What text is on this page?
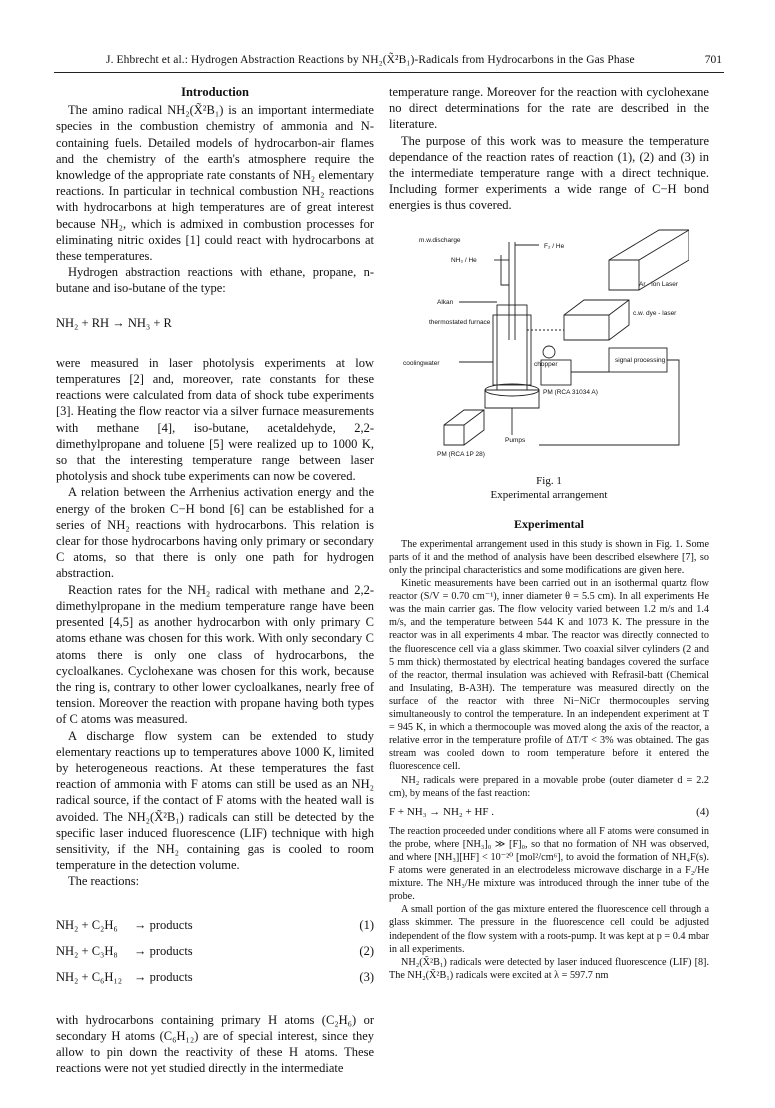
J. Ehbrecht et al.: Hydrogen Abstraction Reactions by NH₂(X̃²B₁)-Radicals from Hydrocarbons in the Gas Phase	701
Introduction

The amino radical NH₂(X̃²B₁) is an important intermediate species in the combustion chemistry of ammonia and N-containing fuels. Detailed models of hydrocarbon-air flames and the chemistry of the earth's atmosphere require the knowledge of the appropriate rate constants of NH₂ elementary reactions. In particular in technical combustion NH₂ reactions with hydrocarbons at high temperatures are of great interest because NH₂, which is admixed in combustion processes for eliminating nitric oxides [1] could react with hydrocarbons at these temperatures.

Hydrogen abstraction reactions with ethane, propane, n-butane and iso-butane of the type:

NH₂ + RH → NH₃ + R

were measured in laser photolysis experiments at low temperatures [2] and, moreover, rate constants for these reactions were calculated from data of shock tube experiments [3]. Heating the flow reactor via a silver furnace measurements with methane [4], iso-butane, acetaldehyde, 2,2-dimethylpropane and toluene [5] were realized up to 1000 K, so that the interesting temperature range between laser photolysis and shock tube experiments can now be covered.

A relation between the Arrhenius activation energy and the energy of the broken C−H bond [6] can be established for a series of NH₂ reactions with hydrocarbons. This relation is clear for those hydrocarbons having only primary or secondary C atoms, so that there is only one path for hydrogen abstraction.

Reaction rates for the NH₂ radical with methane and 2,2-dimethylpropane in the medium temperature range have been presented [4,5] as another hydrocarbon with only primary C atoms ethane was chosen for this work. With only secondary C atoms there is only one class of hydrocarbons, the cycloalkanes. Cyclohexane was chosen for this work, because the ring is, contrary to other lower cycloalkanes, nearly free of tension. Moreover the reaction with propane having both types of C atoms was measured.

A discharge flow system can be extended to study elementary reactions up to temperatures above 1000 K, limited by heterogeneous reactions. At these temperatures the fast reaction of ammonia with F atoms can still be used as an NH₂ radical source, if the contact of F atoms with the heated wall is avoided. The NH₂(X̃²B₁) radicals can still be detected by the specific laser induced fluorescence (LIF) technique with high sensitivity, if the NH₂ containing gas is cooled to room temperature in the detection volume.

The reactions:

NH₂ + C₂H₆	→ products	(1)
NH₂ + C₃H₈	→ products	(2)
NH₂ + C₆H₁₂ → products	(3)

with hydrocarbons containing primary H atoms (C₂H₆) or secondary H atoms (C₆H₁₂) are of special interest, since they allow to pin down the reactivity of these H atoms. These reactions were not yet studied directly in the intermediate

temperature range. Moreover for the reaction with cyclohexane no direct determinations for the rate are described in the literature.

The purpose of this work was to measure the temperature dependance of the reaction rates of reaction (1), (2) and (3) in the intermediate temperature range with a direct technique. Including former experiments a wide range of C−H bond energies is thus covered.

m.w.discharge
F₂ / He
NH₃ / He
Ar - ion Laser
Alkan
c.w. dye - laser
thermostated furnace
chopper
signal processing
coolingwater
PM (RCA 31034 A)
Pumps
PM (RCA 1P 28)
Fig. 1
Experimental arrangement
Experimental

The experimental arrangement used in this study is shown in Fig. 1. Some parts of it and the method of analysis have been described elsewhere [7], so only the principal characteristics and some modifications are given here.

Kinetic measurements have been carried out in an isothermal quartz flow reactor (S/V = 0.70 cm⁻¹), inner diameter θ = 5.5 cm). In all experiments He was the main carrier gas. The flow velocity varied between 1.2 m/s and 1.4 m/s, and the temperature between 544 K and 1073 K. The pressure in the reactor was in all experiments 4 mbar. The reactor was directly connected to the fluorescence cell via a glass skimmer. Two coaxial silver cylinders (2 and 5 mm thick) thermostated by electrical heating bandages covered the surface of the reactor, thermal insulation was achieved with Refrasil-batt (Chemical and Insulating, B-A3H). The temperature was measured directly on the surface of the reactor with three Ni−NiCr thermocouples serving simultaneously to control the temperature. In an independent experiment at T = 945 K, in which a thermocouple was moved along the axis of the reactor, a relative error in the temperature profile of ΔT/T < 3% was obtained. The gas stream was cooled down to room temperature before it entered the fluorescence cell.

NH₂ radicals were prepared in a movable probe (outer diameter d = 2.2 cm), by means of the fast reaction:

F + NH₃ → NH₂ + HF .	(4)

The reaction proceeded under conditions where all F atoms were consumed in the probe, where [NH₃]₀ ≫ [F]₀, so that no formation of NH was observed, and where [NH₃][HF] < 10⁻²⁰ [mol²/cm⁶], to avoid the formation of NH₄F(s). F atoms were generated in an electrodeless microwave discharge in a F₂/He mixture. The NH₃/He mixture was introduced through the inner tube of the probe.

A small portion of the gas mixture entered the fluorescence cell through a glass skimmer. The pressure in the fluorescence cell could be adjusted independent of the flow system with a roots-pump. It was kept at p = 0.4 mbar in all experiments.

NH₂(X̃²B₁) radicals were detected by laser induced fluorescence (LIF) [8]. The NH₂(X̃²B₁) radicals were excited at λ = 597.7 nm
